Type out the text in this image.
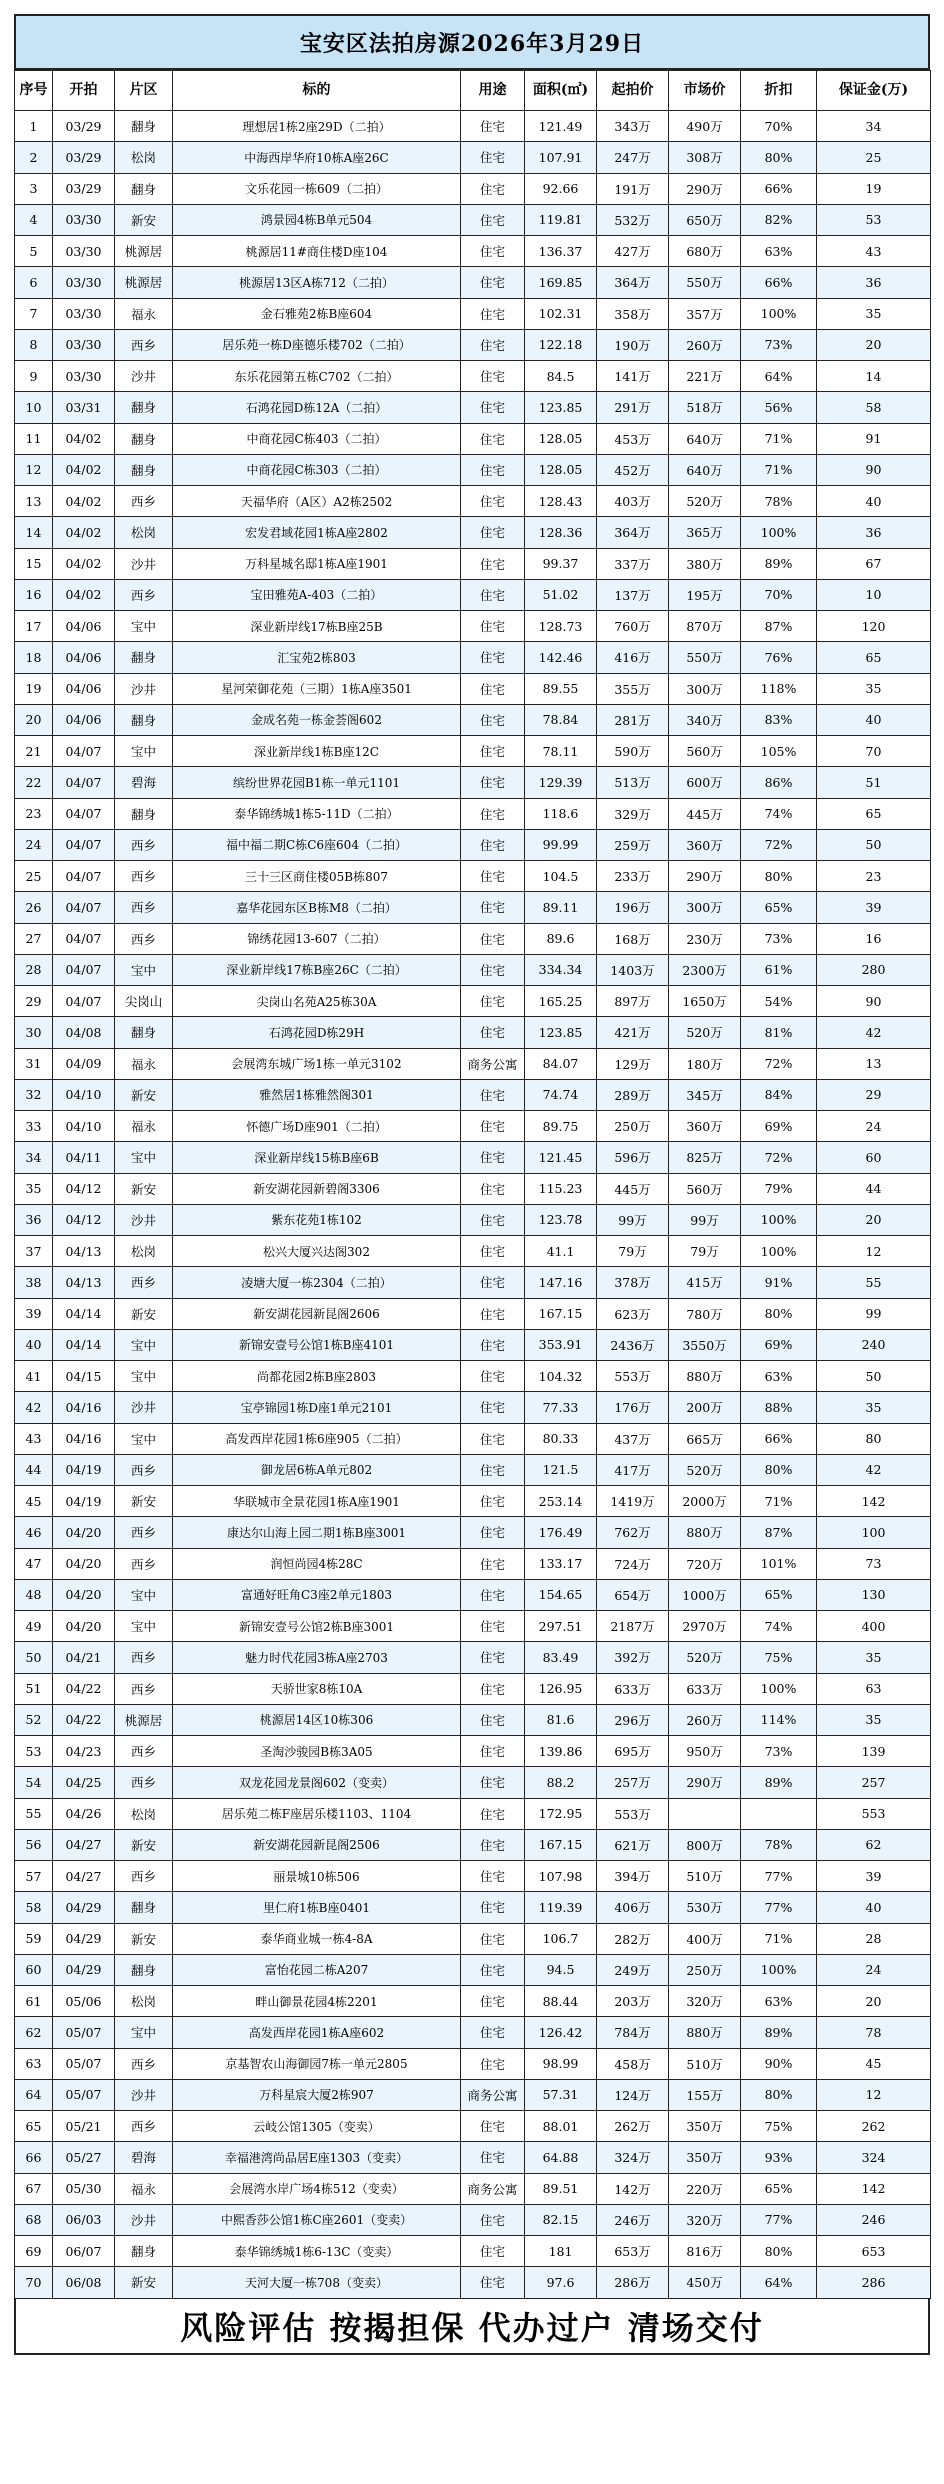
宝安区法拍房源2026年3月29日
序号	开拍	片区	标的	用途	面积(㎡)	起拍价	市场价	折扣	保证金(万)
1	03/29	翻身	理想居1栋2座29D（二拍）	住宅	121.49	343万	490万	70%	34
2	03/29	松岗	中海西岸华府10栋A座26C	住宅	107.91	247万	308万	80%	25
3	03/29	翻身	文乐花园一栋609（二拍）	住宅	92.66	191万	290万	66%	19
4	03/30	新安	鸿景园4栋B单元504	住宅	119.81	532万	650万	82%	53
5	03/30	桃源居	桃源居11#商住楼D座104	住宅	136.37	427万	680万	63%	43
6	03/30	桃源居	桃源居13区A栋712（二拍）	住宅	169.85	364万	550万	66%	36
7	03/30	福永	金石雅苑2栋B座604	住宅	102.31	358万	357万	100%	35
8	03/30	西乡	居乐苑一栋D座德乐楼702（二拍）	住宅	122.18	190万	260万	73%	20
9	03/30	沙井	东乐花园第五栋C702（二拍）	住宅	84.5	141万	221万	64%	14
10	03/31	翻身	石鸿花园D栋12A（二拍）	住宅	123.85	291万	518万	56%	58
11	04/02	翻身	中商花园C栋403（二拍）	住宅	128.05	453万	640万	71%	91
12	04/02	翻身	中商花园C栋303（二拍）	住宅	128.05	452万	640万	71%	90
13	04/02	西乡	天福华府（A区）A2栋2502	住宅	128.43	403万	520万	78%	40
14	04/02	松岗	宏发君域花园1栋A座2802	住宅	128.36	364万	365万	100%	36
15	04/02	沙井	万科星城名邸1栋A座1901	住宅	99.37	337万	380万	89%	67
16	04/02	西乡	宝田雅苑A-403（二拍）	住宅	51.02	137万	195万	70%	10
17	04/06	宝中	深业新岸线17栋B座25B	住宅	128.73	760万	870万	87%	120
18	04/06	翻身	汇宝苑2栋803	住宅	142.46	416万	550万	76%	65
19	04/06	沙井	星河荣御花苑（三期）1栋A座3501	住宅	89.55	355万	300万	118%	35
20	04/06	翻身	金成名苑一栋金荟阁602	住宅	78.84	281万	340万	83%	40
21	04/07	宝中	深业新岸线1栋B座12C	住宅	78.11	590万	560万	105%	70
22	04/07	碧海	缤纷世界花园B1栋一单元1101	住宅	129.39	513万	600万	86%	51
23	04/07	翻身	泰华锦绣城1栋5-11D（二拍）	住宅	118.6	329万	445万	74%	65
24	04/07	西乡	福中福二期C栋C6座604（二拍）	住宅	99.99	259万	360万	72%	50
25	04/07	西乡	三十三区商住楼05B栋807	住宅	104.5	233万	290万	80%	23
26	04/07	西乡	嘉华花园东区B栋M8（二拍）	住宅	89.11	196万	300万	65%	39
27	04/07	西乡	锦绣花园13-607（二拍）	住宅	89.6	168万	230万	73%	16
28	04/07	宝中	深业新岸线17栋B座26C（二拍）	住宅	334.34	1403万	2300万	61%	280
29	04/07	尖岗山	尖岗山名苑A25栋30A	住宅	165.25	897万	1650万	54%	90
30	04/08	翻身	石鸿花园D栋29H	住宅	123.85	421万	520万	81%	42
31	04/09	福永	会展湾东城广场1栋一单元3102	商务公寓	84.07	129万	180万	72%	13
32	04/10	新安	雅然居1栋雅然阁301	住宅	74.74	289万	345万	84%	29
33	04/10	福永	怀德广场D座901（二拍）	住宅	89.75	250万	360万	69%	24
34	04/11	宝中	深业新岸线15栋B座6B	住宅	121.45	596万	825万	72%	60
35	04/12	新安	新安湖花园新碧阁3306	住宅	115.23	445万	560万	79%	44
36	04/12	沙井	紫东花苑1栋102	住宅	123.78	99万	99万	100%	20
37	04/13	松岗	松兴大厦兴达阁302	住宅	41.1	79万	79万	100%	12
38	04/13	西乡	凌塘大厦一栋2304（二拍）	住宅	147.16	378万	415万	91%	55
39	04/14	新安	新安湖花园新昆阁2606	住宅	167.15	623万	780万	80%	99
40	04/14	宝中	新锦安壹号公馆1栋B座4101	住宅	353.91	2436万	3550万	69%	240
41	04/15	宝中	尚都花园2栋B座2803	住宅	104.32	553万	880万	63%	50
42	04/16	沙井	宝亭锦园1栋D座1单元2101	住宅	77.33	176万	200万	88%	35
43	04/16	宝中	高发西岸花园1栋6座905（二拍）	住宅	80.33	437万	665万	66%	80
44	04/19	西乡	御龙居6栋A单元802	住宅	121.5	417万	520万	80%	42
45	04/19	新安	华联城市全景花园1栋A座1901	住宅	253.14	1419万	2000万	71%	142
46	04/20	西乡	康达尔山海上园二期1栋B座3001	住宅	176.49	762万	880万	87%	100
47	04/20	西乡	润恒尚园4栋28C	住宅	133.17	724万	720万	101%	73
48	04/20	宝中	富通好旺角C3座2单元1803	住宅	154.65	654万	1000万	65%	130
49	04/20	宝中	新锦安壹号公馆2栋B座3001	住宅	297.51	2187万	2970万	74%	400
50	04/21	西乡	魅力时代花园3栋A座2703	住宅	83.49	392万	520万	75%	35
51	04/22	西乡	天骄世家8栋10A	住宅	126.95	633万	633万	100%	63
52	04/22	桃源居	桃源居14区10栋306	住宅	81.6	296万	260万	114%	35
53	04/23	西乡	圣淘沙骏园B栋3A05	住宅	139.86	695万	950万	73%	139
54	04/25	西乡	双龙花园龙景阁602（变卖）	住宅	88.2	257万	290万	89%	257
55	04/26	松岗	居乐苑二栋F座居乐楼1103、1104	住宅	172.95	553万			553
56	04/27	新安	新安湖花园新昆阁2506	住宅	167.15	621万	800万	78%	62
57	04/27	西乡	丽景城10栋506	住宅	107.98	394万	510万	77%	39
58	04/29	翻身	里仁府1栋B座0401	住宅	119.39	406万	530万	77%	40
59	04/29	新安	泰华商业城一栋4-8A	住宅	106.7	282万	400万	71%	28
60	04/29	翻身	富怡花园二栋A207	住宅	94.5	249万	250万	100%	24
61	05/06	松岗	畔山御景花园4栋2201	住宅	88.44	203万	320万	63%	20
62	05/07	宝中	高发西岸花园1栋A座602	住宅	126.42	784万	880万	89%	78
63	05/07	西乡	京基智农山海御园7栋一单元2805	住宅	98.99	458万	510万	90%	45
64	05/07	沙井	万科星宸大厦2栋907	商务公寓	57.31	124万	155万	80%	12
65	05/21	西乡	云岐公馆1305（变卖）	住宅	88.01	262万	350万	75%	262
66	05/27	碧海	幸福港湾尚品居E座1303（变卖）	住宅	64.88	324万	350万	93%	324
67	05/30	福永	会展湾水岸广场4栋512（变卖）	商务公寓	89.51	142万	220万	65%	142
68	06/03	沙井	中熙香莎公馆1栋C座2601（变卖）	住宅	82.15	246万	320万	77%	246
69	06/07	翻身	泰华锦绣城1栋6-13C（变卖）	住宅	181	653万	816万	80%	653
70	06/08	新安	天河大厦一栋708（变卖）	住宅	97.6	286万	450万	64%	286
风险评估 按揭担保 代办过户 清场交付
